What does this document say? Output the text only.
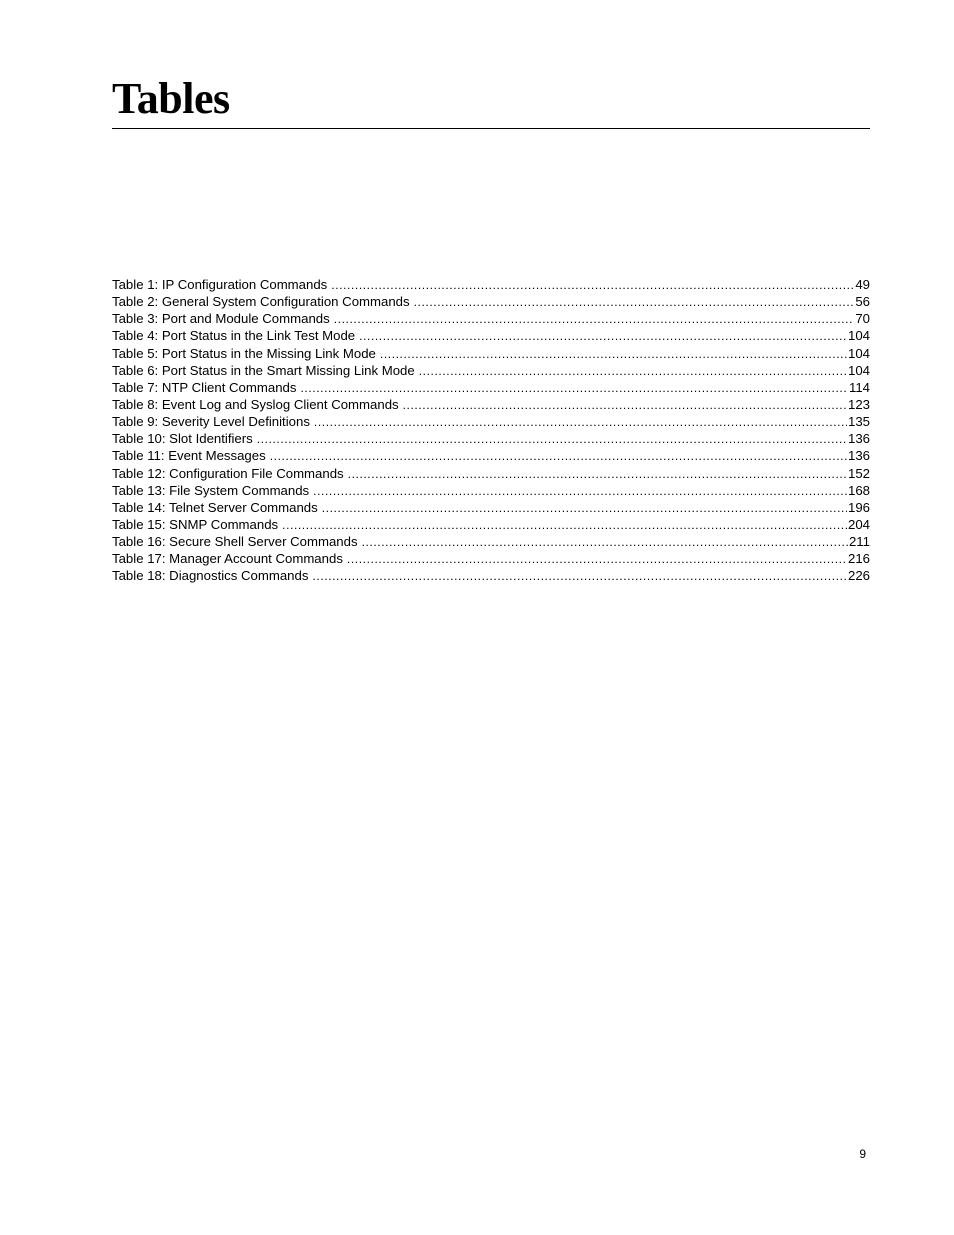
Tables
Table 1: IP Configuration Commands .....	49
Table 2: General System Configuration Commands .....	56
Table 3: Port and Module Commands .....	70
Table 4: Port Status in the Link Test Mode .....	104
Table 5: Port Status in the Missing Link Mode .....	104
Table 6: Port Status in the Smart Missing Link Mode .....	104
Table 7: NTP Client Commands .....	114
Table 8: Event Log and Syslog Client Commands .....	123
Table 9: Severity Level Definitions .....	135
Table 10: Slot Identifiers .....	136
Table 11: Event Messages .....	136
Table 12: Configuration File Commands .....	152
Table 13: File System Commands .....	168
Table 14: Telnet Server Commands .....	196
Table 15: SNMP Commands .....	204
Table 16: Secure Shell Server Commands .....	211
Table 17: Manager Account Commands .....	216
Table 18: Diagnostics Commands .....	226
9
